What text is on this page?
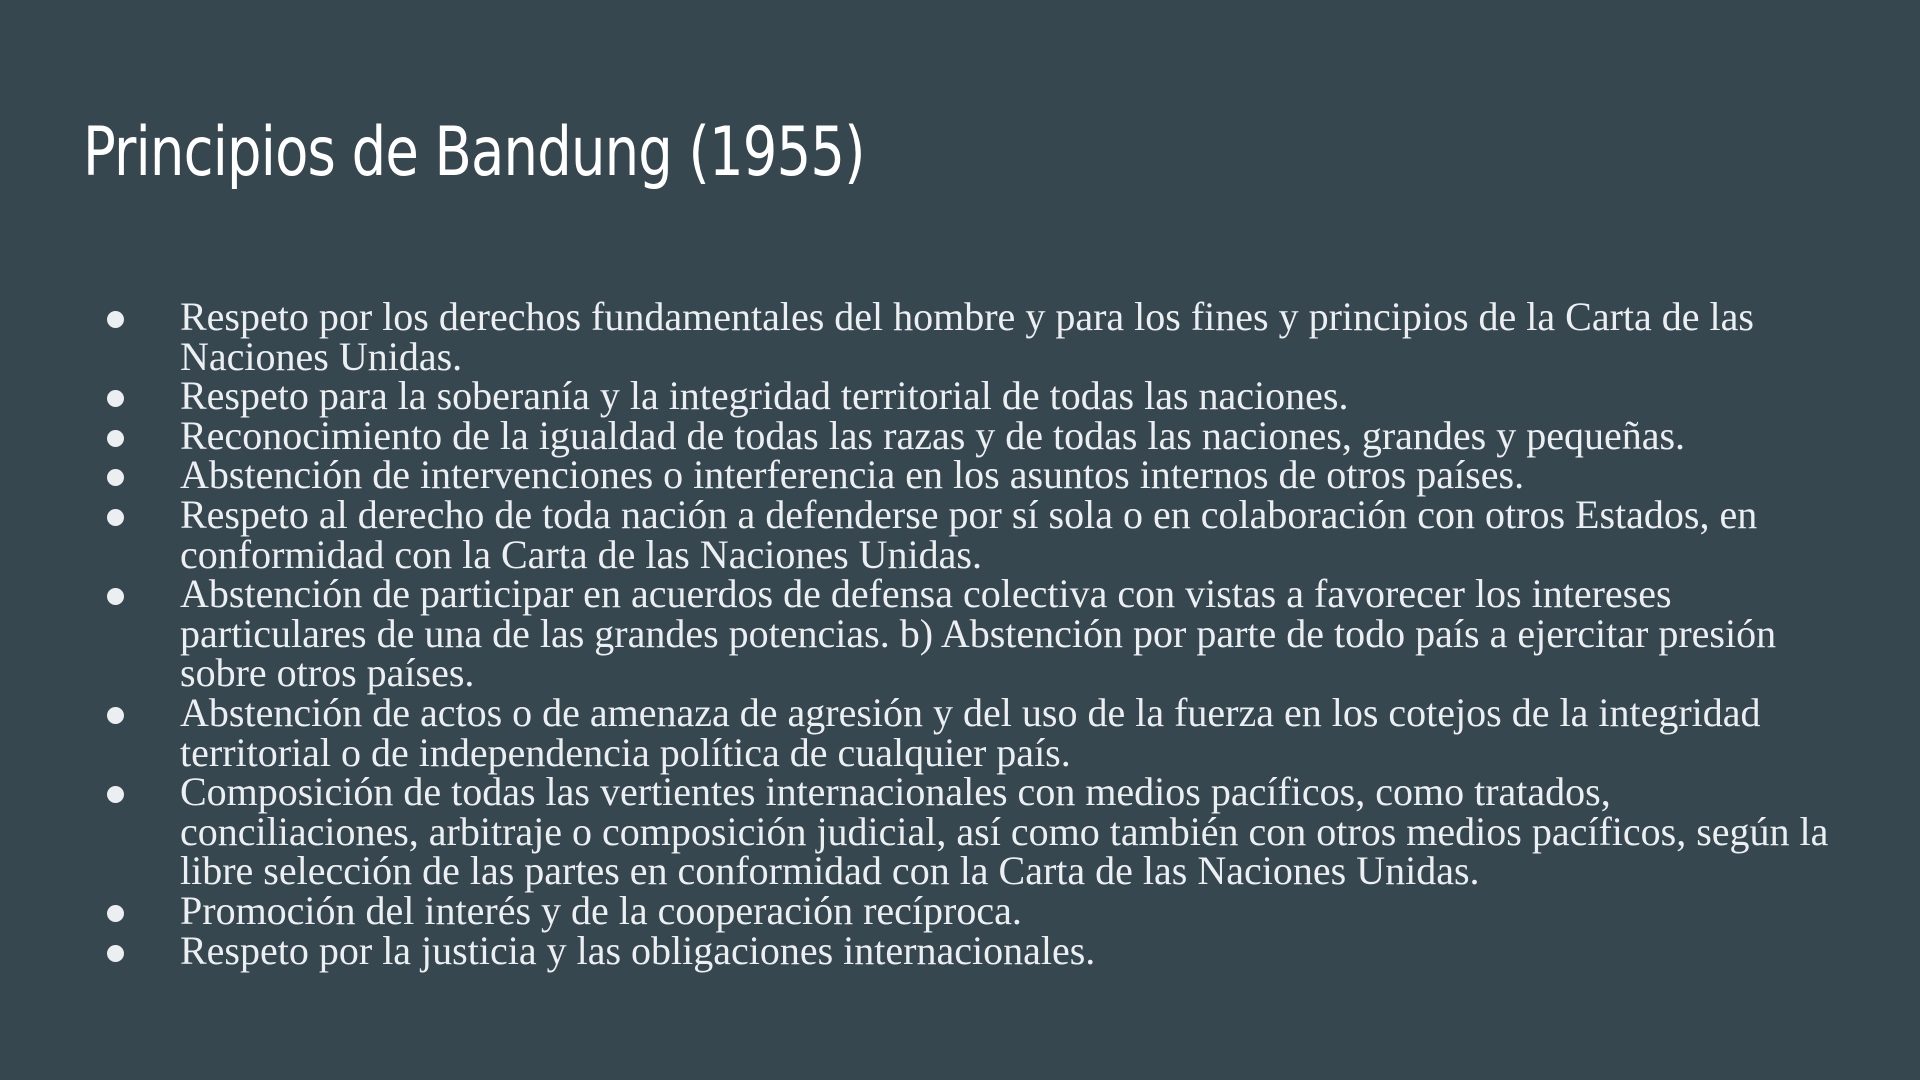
Principios de Bandung (1955)
Respeto por los derechos fundamentales del hombre y para los fines y principios de la Carta de las Naciones Unidas.
Respeto para la soberanía y la integridad territorial de todas las naciones.
Reconocimiento de la igualdad de todas las razas y de todas las naciones, grandes y pequeñas.
Abstención de intervenciones o interferencia en los asuntos internos de otros países.
Respeto al derecho de toda nación a defenderse por sí sola o en colaboración con otros Estados, en conformidad con la Carta de las Naciones Unidas.
Abstención de participar en acuerdos de defensa colectiva con vistas a favorecer los intereses particulares de una de las grandes potencias. b) Abstención por parte de todo país a ejercitar presión sobre otros países.
Abstención de actos o de amenaza de agresión y del uso de la fuerza en los cotejos de la integridad territorial o de independencia política de cualquier país.
Composición de todas las vertientes internacionales con medios pacíficos, como tratados, conciliaciones, arbitraje o composición judicial, así como también con otros medios pacíficos, según la libre selección de las partes en conformidad con la Carta de las Naciones Unidas.
Promoción del interés y de la cooperación recíproca.
Respeto por la justicia y las obligaciones internacionales.
